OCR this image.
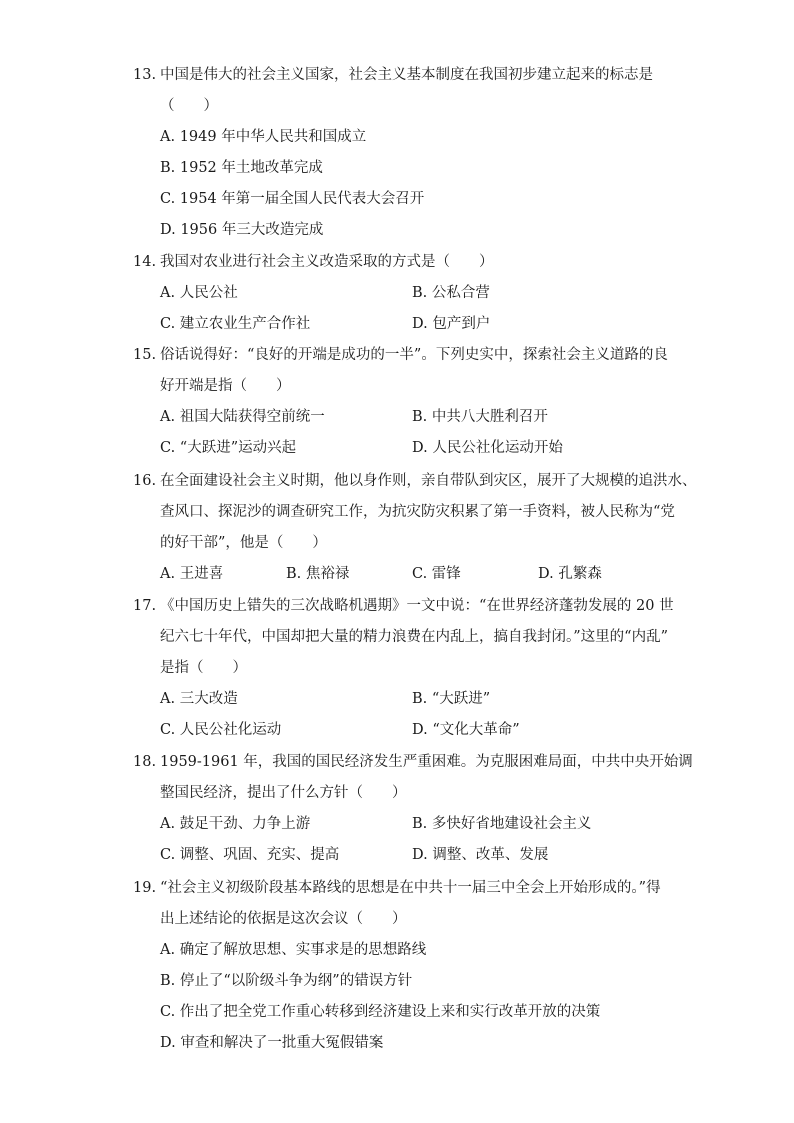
13. 中国是伟大的社会主义国家，社会主义基本制度在我国初步建立起来的标志是
（　　）
A. 1949 年中华人民共和国成立
B. 1952 年土地改革完成
C. 1954 年第一届全国人民代表大会召开
D. 1956 年三大改造完成
14. 我国对农业进行社会主义改造采取的方式是（　　）
A. 人民公社	B. 公私合营
C. 建立农业生产合作社	D. 包产到户
15. 俗话说得好：“良好的开端是成功的一半”。下列史实中，探索社会主义道路的良
好开端是指（　　）
A. 祖国大陆获得空前统一	B. 中共八大胜利召开
C. “大跃进”运动兴起	D. 人民公社化运动开始
16. 在全面建设社会主义时期，他以身作则，亲自带队到灾区，展开了大规模的追洪水、
查风口、探泥沙的调查研究工作，为抗灾防灾积累了第一手资料，被人民称为“党
的好干部”，他是（　　）
A. 王进喜	B. 焦裕禄	C. 雷锋	D. 孔繁森
17. 《中国历史上错失的三次战略机遇期》一文中说：“在世界经济蓬勃发展的 20 世
纪六七十年代，中国却把大量的精力浪费在内乱上，搞自我封闭。”这里的“内乱”
是指（　　）
A. 三大改造	B. “大跃进”
C. 人民公社化运动	D. “文化大革命”
18. 1959-1961 年，我国的国民经济发生严重困难。为克服困难局面，中共中央开始调
整国民经济，提出了什么方针（　　）
A. 鼓足干劲、力争上游	B. 多快好省地建设社会主义
C. 调整、巩固、充实、提高	D. 调整、改革、发展
19. “社会主义初级阶段基本路线的思想是在中共十一届三中全会上开始形成的。”得
出上述结论的依据是这次会议（　　）
A. 确定了解放思想、实事求是的思想路线
B. 停止了“以阶级斗争为纲”的错误方针
C. 作出了把全党工作重心转移到经济建设上来和实行改革开放的决策
D. 审查和解决了一批重大冤假错案
